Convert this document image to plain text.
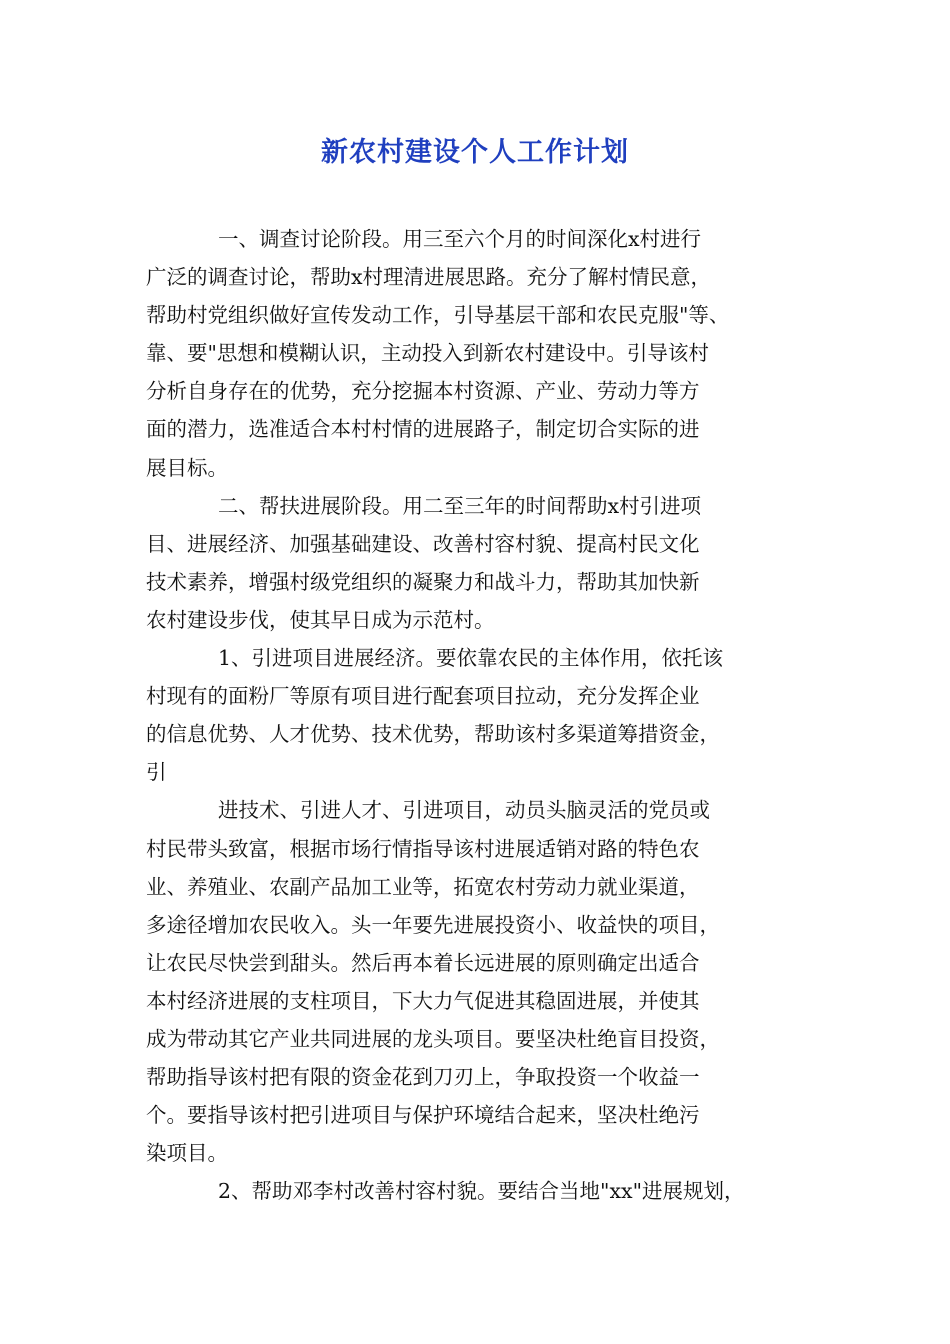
新农村建设个人工作计划
一、调查讨论阶段。用三至六个月的时间深化x村进行
广泛的调查讨论，帮助x村理清进展思路。充分了解村情民意，
帮助村党组织做好宣传发动工作，引导基层干部和农民克服"等、
靠、要"思想和模糊认识，主动投入到新农村建设中。引导该村
分析自身存在的优势，充分挖掘本村资源、产业、劳动力等方
面的潜力，选准适合本村村情的进展路子，制定切合实际的进
展目标。
二、帮扶进展阶段。用二至三年的时间帮助x村引进项
目、进展经济、加强基础建设、改善村容村貌、提高村民文化
技术素养，增强村级党组织的凝聚力和战斗力，帮助其加快新
农村建设步伐，使其早日成为示范村。
1、引进项目进展经济。要依靠农民的主体作用，依托该
村现有的面粉厂等原有项目进行配套项目拉动，充分发挥企业
的信息优势、人才优势、技术优势，帮助该村多渠道筹措资金，
引
进技术、引进人才、引进项目，动员头脑灵活的党员或
村民带头致富，根据市场行情指导该村进展适销对路的特色农
业、养殖业、农副产品加工业等，拓宽农村劳动力就业渠道，
多途径增加农民收入。头一年要先进展投资小、收益快的项目，
让农民尽快尝到甜头。然后再本着长远进展的原则确定出适合
本村经济进展的支柱项目，下大力气促进其稳固进展，并使其
成为带动其它产业共同进展的龙头项目。要坚决杜绝盲目投资，
帮助指导该村把有限的资金花到刀刃上，争取投资一个收益一
个。要指导该村把引进项目与保护环境结合起来，坚决杜绝污
染项目。
2、帮助邓李村改善村容村貌。要结合当地"xx"进展规划，
